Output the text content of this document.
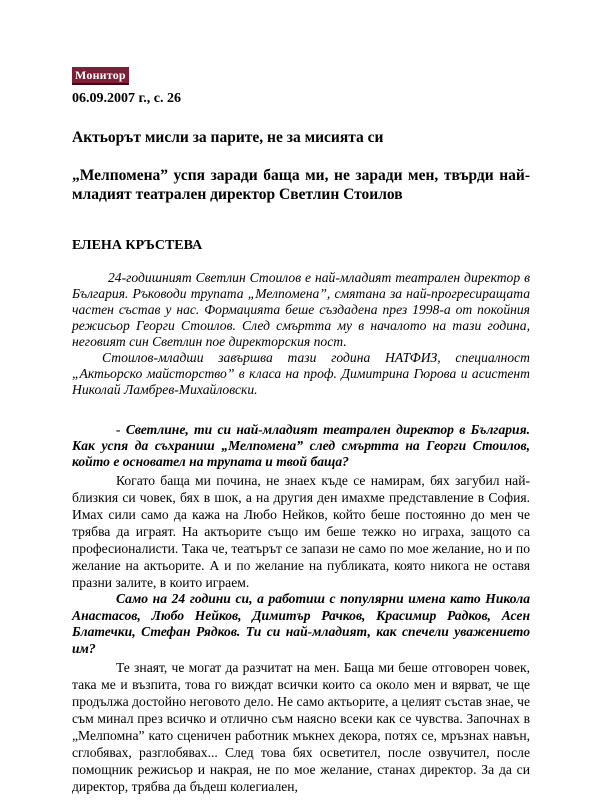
Монитор
06.09.2007 г., с. 26
Актьорът мисли за парите, не за мисията си
„Мелпомена” успя заради баща ми, не заради мен, твърди най-младият театрален директор Светлин Стоилов
ЕЛЕНА КРЪСТЕВА

24-годишният Светлин Стоилов е най-младият театрален директор в България. Ръководи трупата „Мелпомена”, смятана за най-прогресиращата частен състав у нас. Формацията беше създадена през 1998-а от покойния режисьор Георги Стоилов. След смъртта му в началото на тази година, неговият син Светлин пое директорския пост.

Стоилов-младши завършва тази година НАТФИЗ, специалност „Актьорско майсторство” в класа на проф. Димитрина Гюрова и асистент Николай Ламбрев-Михайловски.

- Светлине, ти си най-младият театрален директор в България. Как успя да съхраниш „Мелпомена” след смъртта на Георги Стоилов, който е основател на трупата и твой баща?

Когато баща ми почина, не знаех къде се намирам, бях загубил най-близкия си човек, бях в шок, а на другия ден имахме представление в София. Имах сили само да кажа на Любо Нейков, който беше постоянно до мен че трябва да играят. На актьорите също им беше тежко но играха, защото са професионалисти. Така че, театърът се запази не само по мое желание, но и по желание на актьорите. А и по желание на публиката, която никога не оставя празни залите, в които играем.

Само на 24 години си, а работиш с популярни имена като Никола Анастасов, Любо Нейков, Димитър Рачков, Красимир Радков, Асен Блатечки, Стефан Рядков. Ти си най-младият, как спечели уважението им?

Те знаят, че могат да разчитат на мен. Баща ми беше отговорен човек, така ме и възпита, това го виждат всички които са около мен и вярват, че ще продължа достойно неговото дело. Не само актьорите, а целият състав знае, че съм минал през всичко и отлично съм наясно всеки как се чувства. Започнах в „Мелпомна” като сценичен работник мъкнех декора, потях се, мръзнах навън, сглобявах, разглобявах... След това бях осветител, после озвучител, после помощник режисьор и накрая, не по мое желание, станах директор. За да си директор, трябва да бъдеш колегиален,
